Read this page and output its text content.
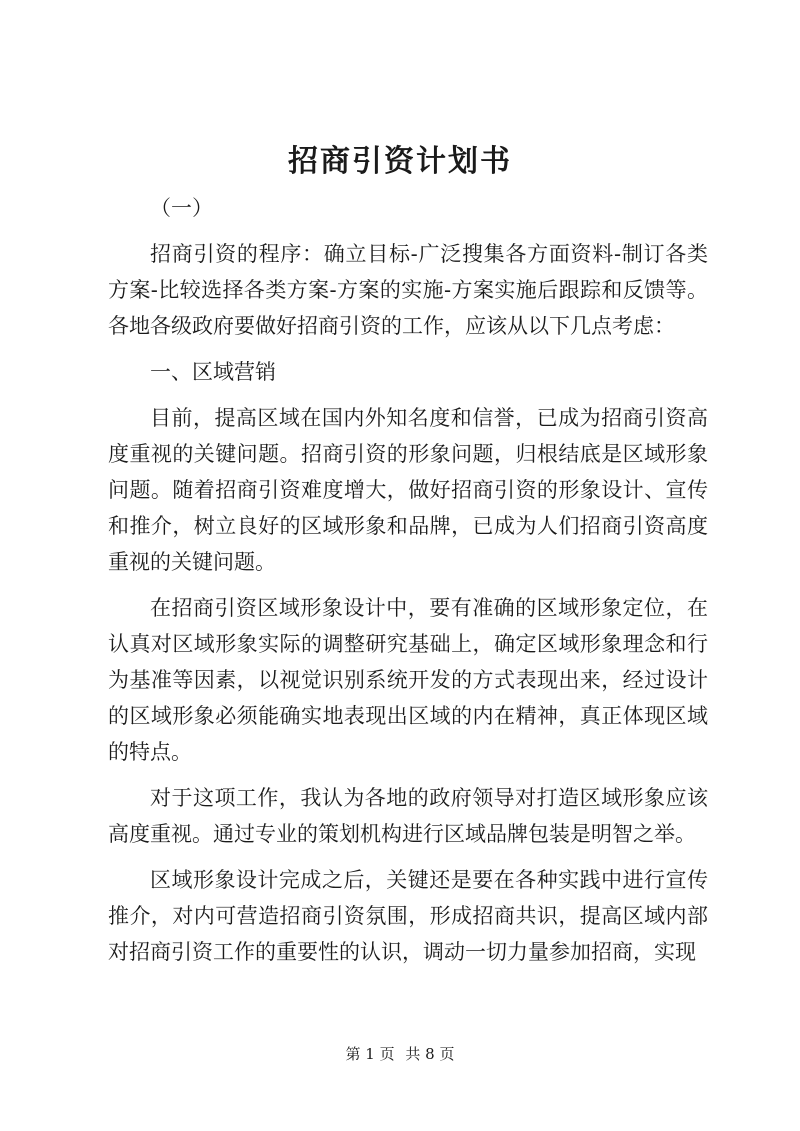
招商引资计划书

（一）

招商引资的程序：确立目标-广泛搜集各方面资料-制订各类方案-比较选择各类方案-方案的实施-方案实施后跟踪和反馈等。各地各级政府要做好招商引资的工作，应该从以下几点考虑：

一、区域营销

目前，提高区域在国内外知名度和信誉，已成为招商引资高度重视的关键问题。招商引资的形象问题，归根结底是区域形象问题。随着招商引资难度增大，做好招商引资的形象设计、宣传和推介，树立良好的区域形象和品牌，已成为人们招商引资高度重视的关键问题。

在招商引资区域形象设计中，要有准确的区域形象定位，在认真对区域形象实际的调整研究基础上，确定区域形象理念和行为基准等因素，以视觉识别系统开发的方式表现出来，经过设计的区域形象必须能确实地表现出区域的内在精神，真正体现区域的特点。

对于这项工作，我认为各地的政府领导对打造区域形象应该高度重视。通过专业的策划机构进行区域品牌包装是明智之举。

区域形象设计完成之后，关键还是要在各种实践中进行宣传推介，对内可营造招商引资氛围，形成招商共识，提高区域内部对招商引资工作的重要性的认识，调动一切力量参加招商，实现

第 1 页 共 8 页
